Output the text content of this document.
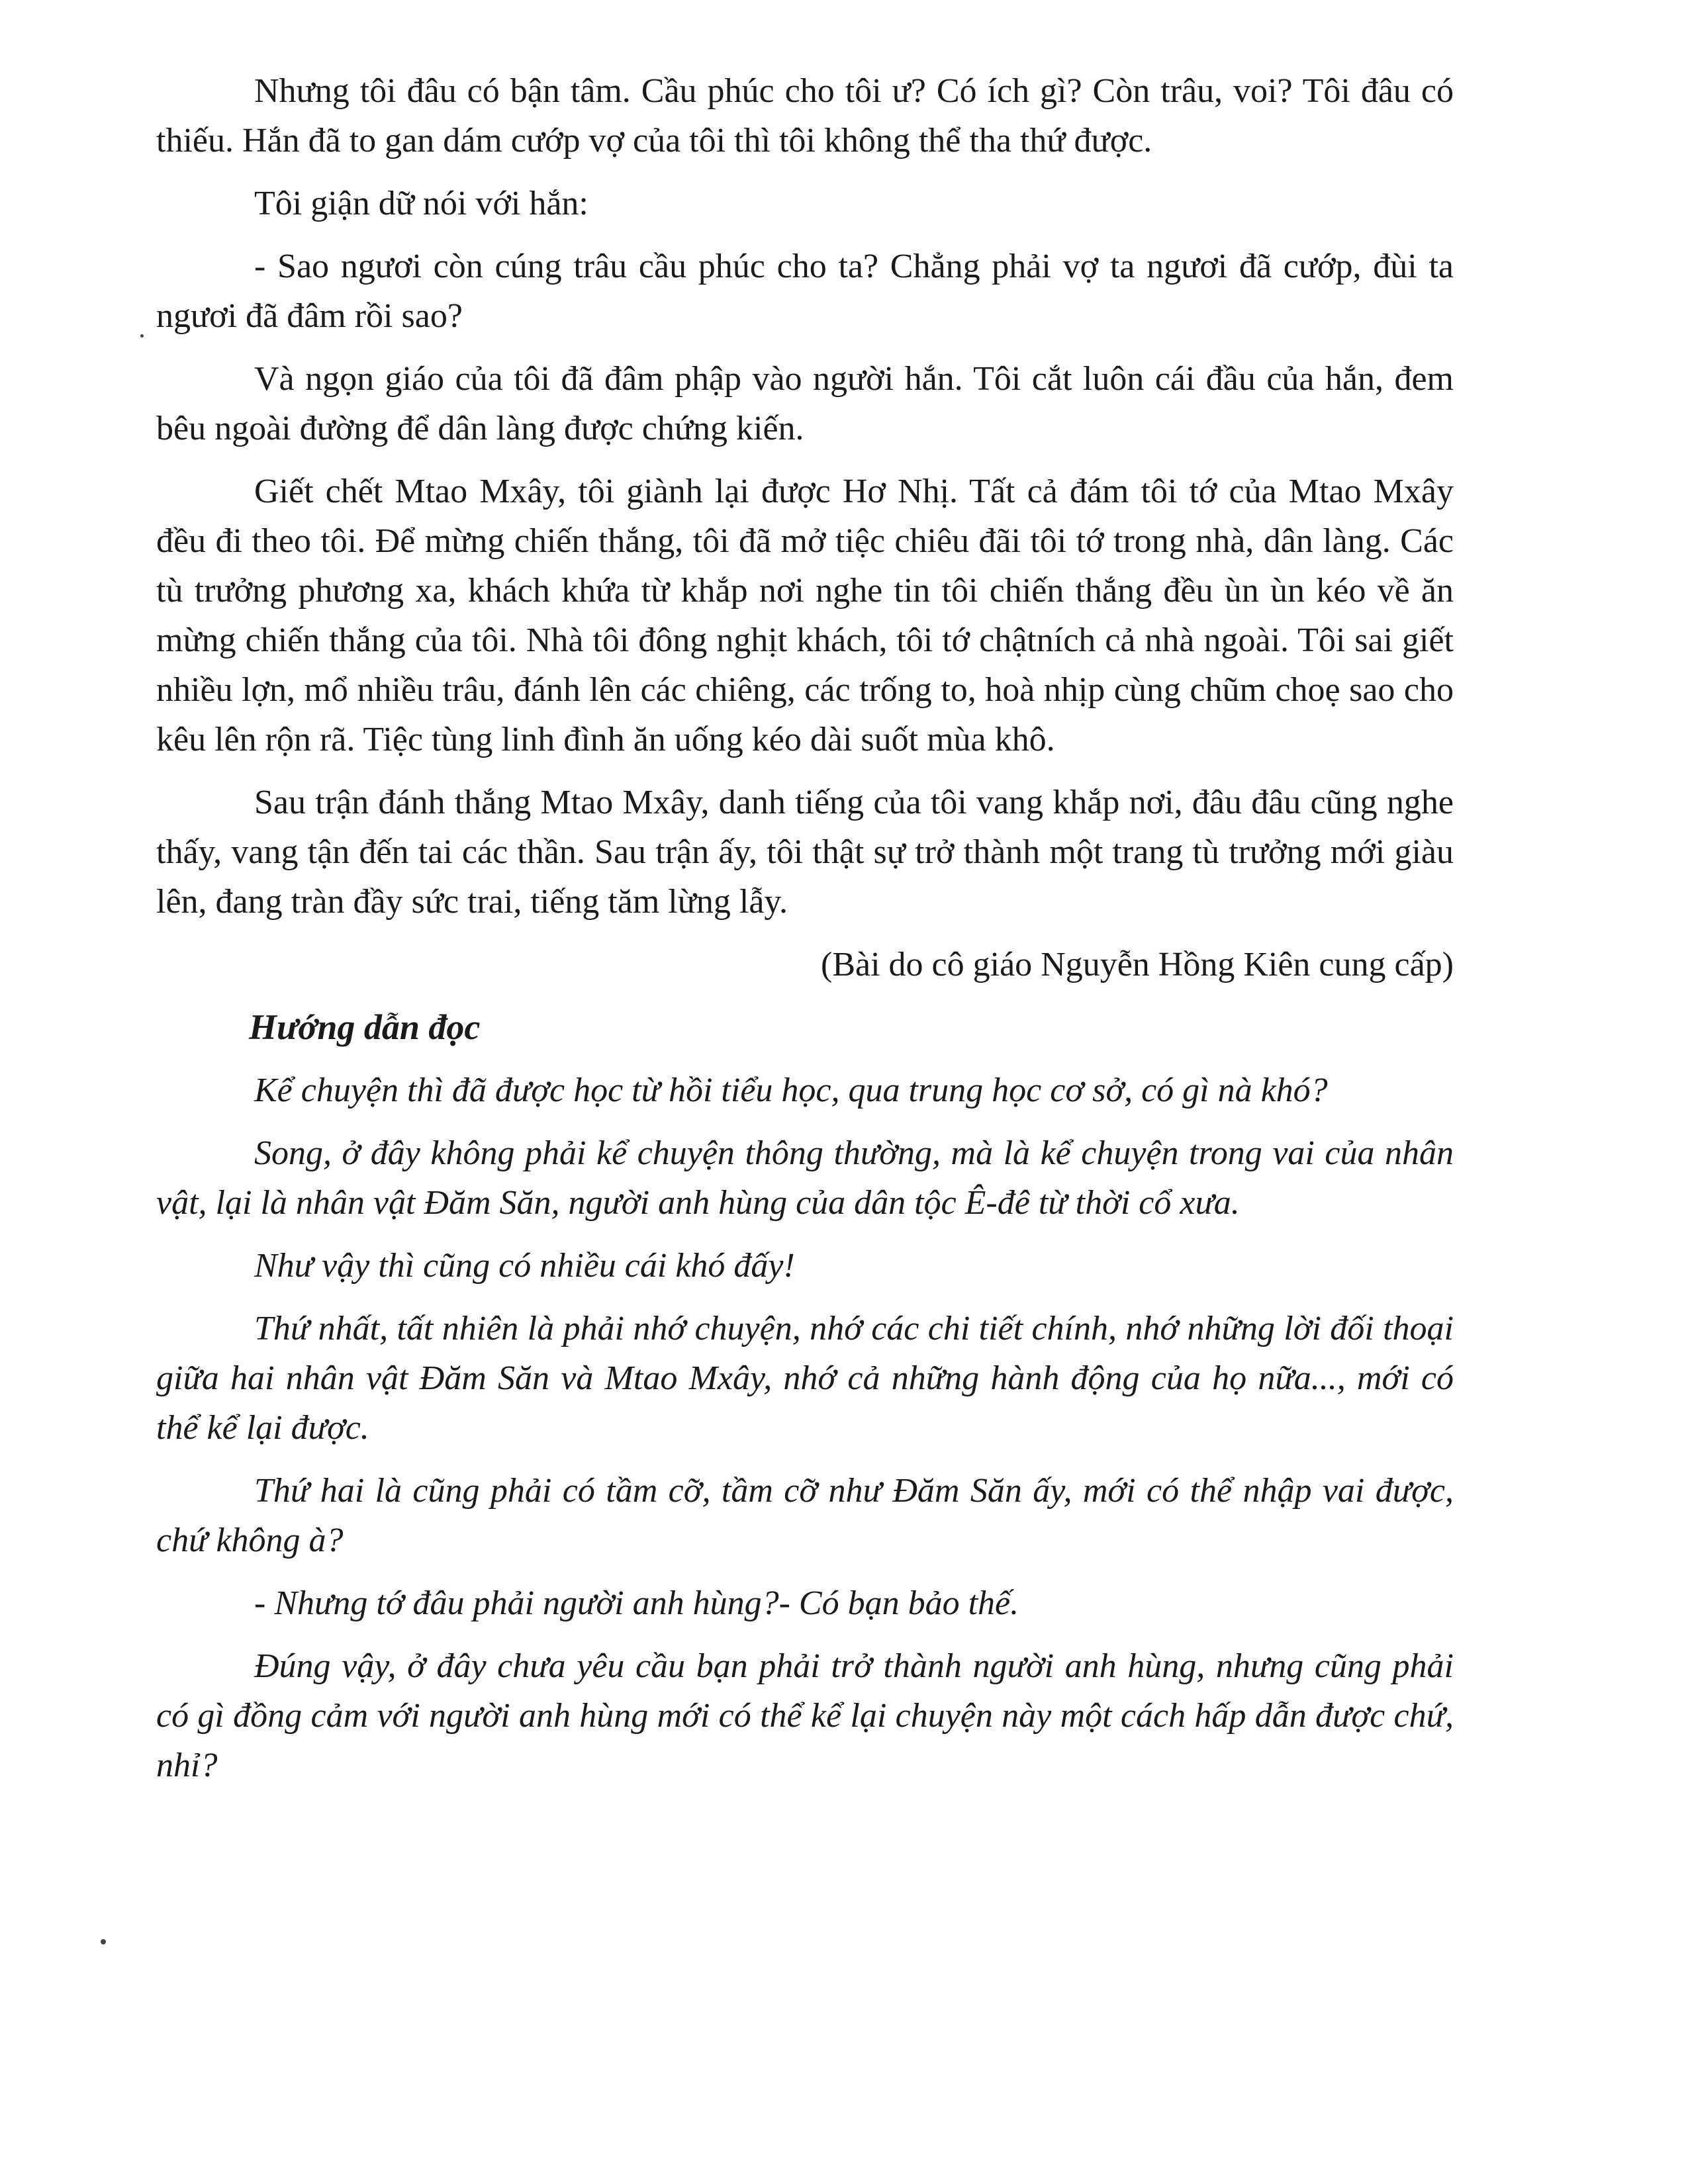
Nhưng tôi đâu có bận tâm. Cầu phúc cho tôi ư? Có ích gì? Còn trâu, voi? Tôi đâu có thiếu. Hắn đã to gan dám cướp vợ của tôi thì tôi không thể tha thứ được.

Tôi giận dữ nói với hắn:

- Sao ngươi còn cúng trâu cầu phúc cho ta? Chẳng phải vợ ta ngươi đã cướp, đùi ta ngươi đã đâm rồi sao?

Và ngọn giáo của tôi đã đâm phập vào người hắn. Tôi cắt luôn cái đầu của hắn, đem bêu ngoài đường để dân làng được chứng kiến.

Giết chết Mtao Mxây, tôi giành lại được Hơ Nhị. Tất cả đám tôi tớ của Mtao Mxây đều đi theo tôi. Để mừng chiến thắng, tôi đã mở tiệc chiêu đãi tôi tớ trong nhà, dân làng. Các tù trưởng phương xa, khách khứa từ khắp nơi nghe tin tôi chiến thắng đều ùn ùn kéo về ăn mừng chiến thắng của tôi. Nhà tôi đông nghịt khách, tôi tớ chậtních cả nhà ngoài. Tôi sai giết nhiều lợn, mổ nhiều trâu, đánh lên các chiêng, các trống to, hoà nhịp cùng chũm choẹ sao cho kêu lên rộn rã. Tiệc tùng linh đình ăn uống kéo dài suốt mùa khô.

Sau trận đánh thắng Mtao Mxây, danh tiếng của tôi vang khắp nơi, đâu đâu cũng nghe thấy, vang tận đến tai các thần. Sau trận ấy, tôi thật sự trở thành một trang tù trưởng mới giàu lên, đang tràn đầy sức trai, tiếng tăm lừng lẫy.

(Bài do cô giáo Nguyễn Hồng Kiên cung cấp)

Hướng dẫn đọc

Kể chuyện thì đã được học từ hồi tiểu học, qua trung học cơ sở, có gì nà khó?

Song, ở đây không phải kể chuyện thông thường, mà là kể chuyện trong vai của nhân vật, lại là nhân vật Đăm Săn, người anh hùng của dân tộc Ê-đê từ thời cổ xưa.

Như vậy thì cũng có nhiều cái khó đấy!

Thứ nhất, tất nhiên là phải nhớ chuyện, nhớ các chi tiết chính, nhớ những lời đối thoại giữa hai nhân vật Đăm Săn và Mtao Mxây, nhớ cả những hành động của họ nữa..., mới có thể kể lại được.

Thứ hai là cũng phải có tầm cỡ, tầm cỡ như Đăm Săn ấy, mới có thể nhập vai được, chứ không à?

- Nhưng tớ đâu phải người anh hùng?- Có bạn bảo thế.

Đúng vậy, ở đây chưa yêu cầu bạn phải trở thành người anh hùng, nhưng cũng phải có gì đồng cảm với người anh hùng mới có thể kể lại chuyện này một cách hấp dẫn được chứ, nhỉ?
